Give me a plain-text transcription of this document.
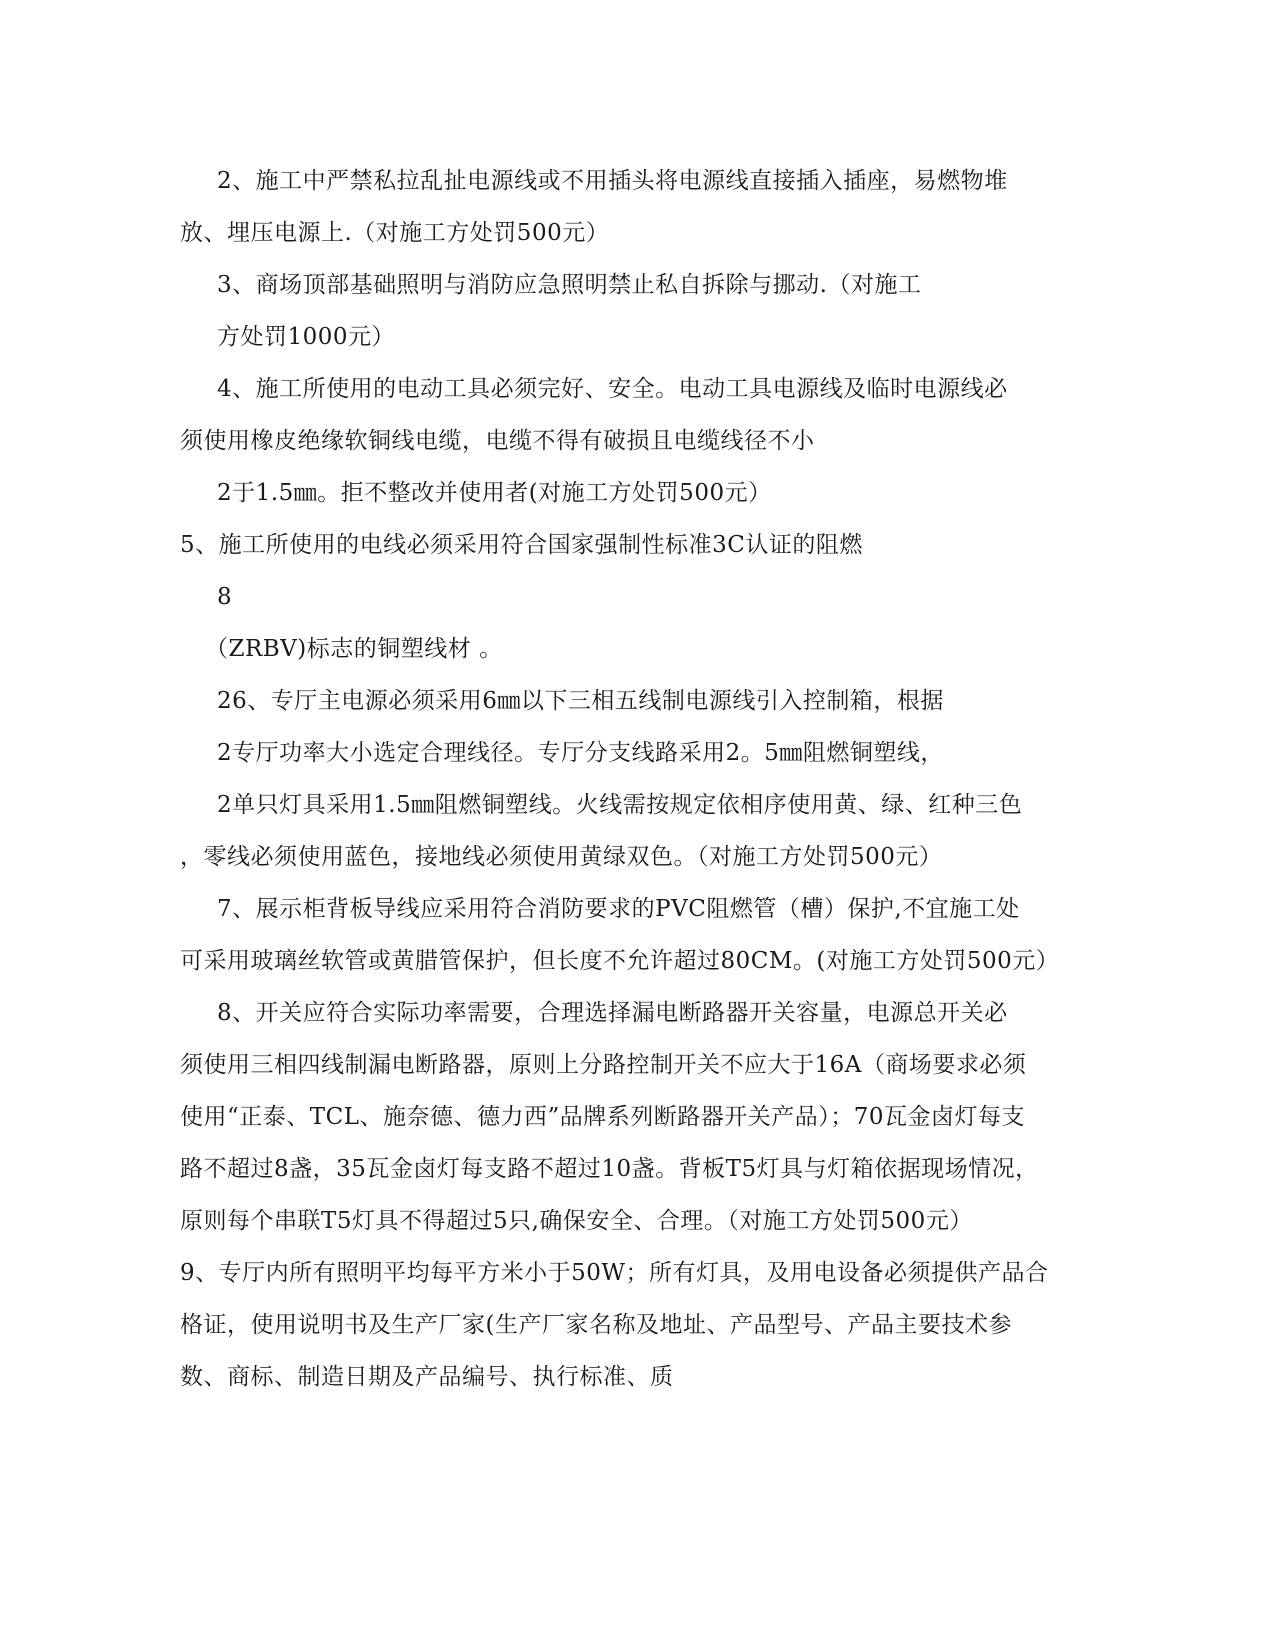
2、施工中严禁私拉乱扯电源线或不用插头将电源线直接插入插座，易燃物堆
放、埋压电源上.（对施工方处罚500元）
3、商场顶部基础照明与消防应急照明禁止私自拆除与挪动.（对施工
方处罚1000元）
4、施工所使用的电动工具必须完好、安全。电动工具电源线及临时电源线必
须使用橡皮绝缘软铜线电缆，电缆不得有破损且电缆线径不小
2于1.5㎜。拒不整改并使用者(对施工方处罚500元）
5、施工所使用的电线必须采用符合国家强制性标准3C认证的阻燃
8
（ZRBV)标志的铜塑线材 。
26、专厅主电源必须采用6㎜以下三相五线制电源线引入控制箱，根据
2专厅功率大小选定合理线径。专厅分支线路采用2。5㎜阻燃铜塑线，
2单只灯具采用1.5㎜阻燃铜塑线。火线需按规定依相序使用黄、绿、红种三色
，零线必须使用蓝色，接地线必须使用黄绿双色。（对施工方处罚500元）
7、展示柜背板导线应采用符合消防要求的PVC阻燃管（槽）保护,不宜施工处
可采用玻璃丝软管或黄腊管保护，但长度不允许超过80CM。(对施工方处罚500元）
8、开关应符合实际功率需要，合理选择漏电断路器开关容量，电源总开关必
须使用三相四线制漏电断路器，原则上分路控制开关不应大于16A（商场要求必须
使用“正泰、TCL、施奈德、德力西”品牌系列断路器开关产品）；70瓦金卤灯每支
路不超过8盏，35瓦金卤灯每支路不超过10盏。背板T5灯具与灯箱依据现场情况，
原则每个串联T5灯具不得超过5只,确保安全、合理。（对施工方处罚500元）
9、专厅内所有照明平均每平方米小于50W；所有灯具，及用电设备必须提供产品合
格证，使用说明书及生产厂家(生产厂家名称及地址、产品型号、产品主要技术参
数、商标、制造日期及产品编号、执行标准、质
